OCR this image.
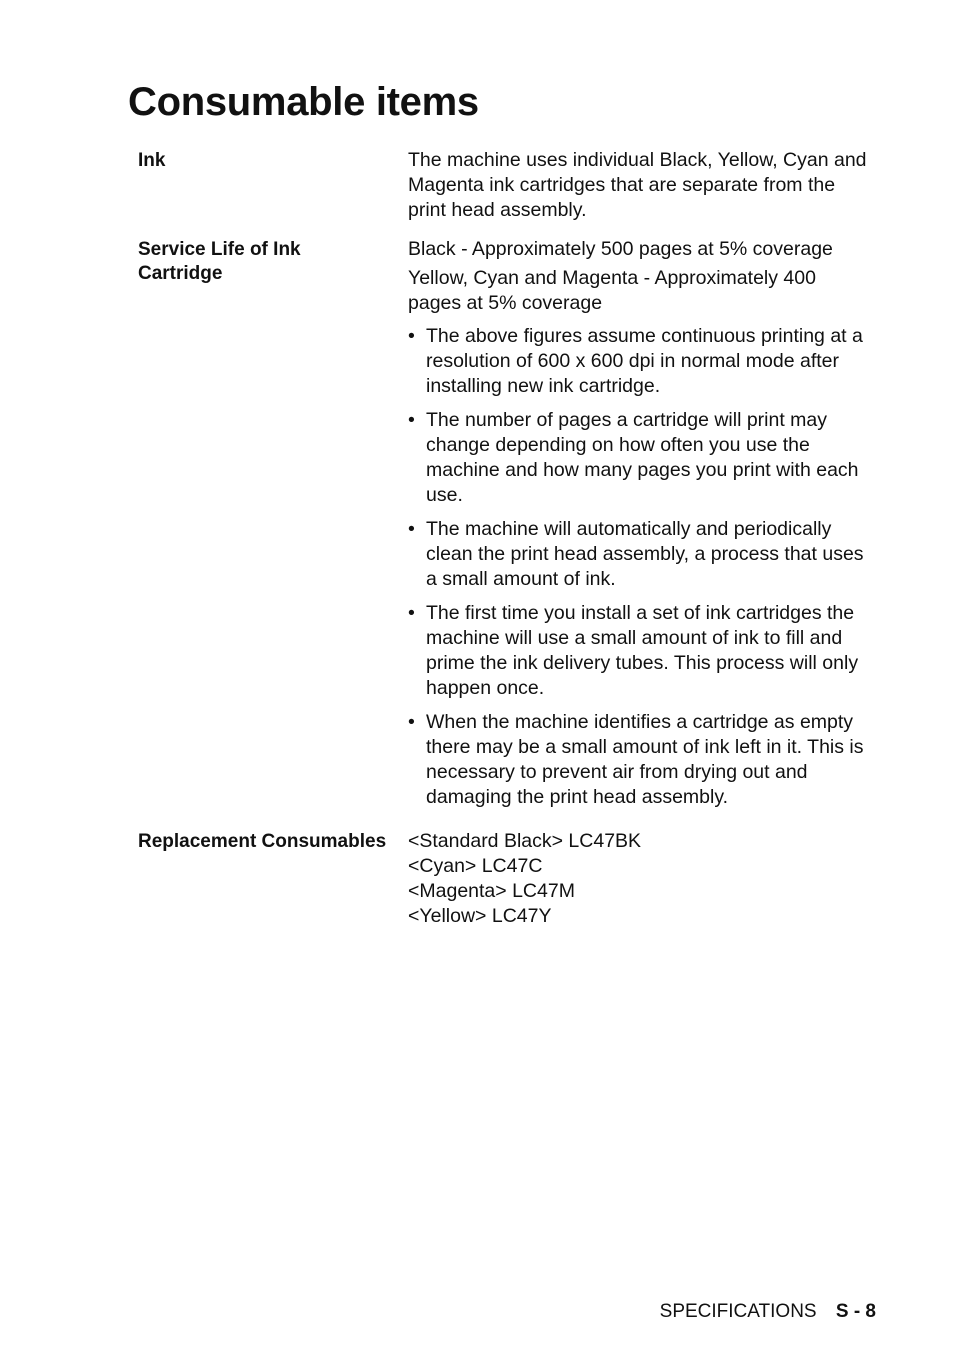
Consumable items
Ink	The machine uses individual Black, Yellow, Cyan and Magenta ink cartridges that are separate from the print head assembly.

Service Life of Ink Cartridge

Black - Approximately 500 pages at 5% coverage

Yellow, Cyan and Magenta - Approximately 400 pages at 5% coverage

• The above figures assume continuous printing at a resolution of 600 x 600 dpi in normal mode after installing new ink cartridge.
• The number of pages a cartridge will print may change depending on how often you use the machine and how many pages you print with each use.
• The machine will automatically and periodically clean the print head assembly, a process that uses a small amount of ink.
• The first time you install a set of ink cartridges the machine will use a small amount of ink to fill and prime the ink delivery tubes. This process will only happen once.
• When the machine identifies a cartridge as empty there may be a small amount of ink left in it. This is necessary to prevent air from drying out and damaging the print head assembly.
Replacement Consumables	<Standard Black> LC47BK
<Cyan> LC47C
<Magenta> LC47M
<Yellow> LC47Y
SPECIFICATIONS S - 8
